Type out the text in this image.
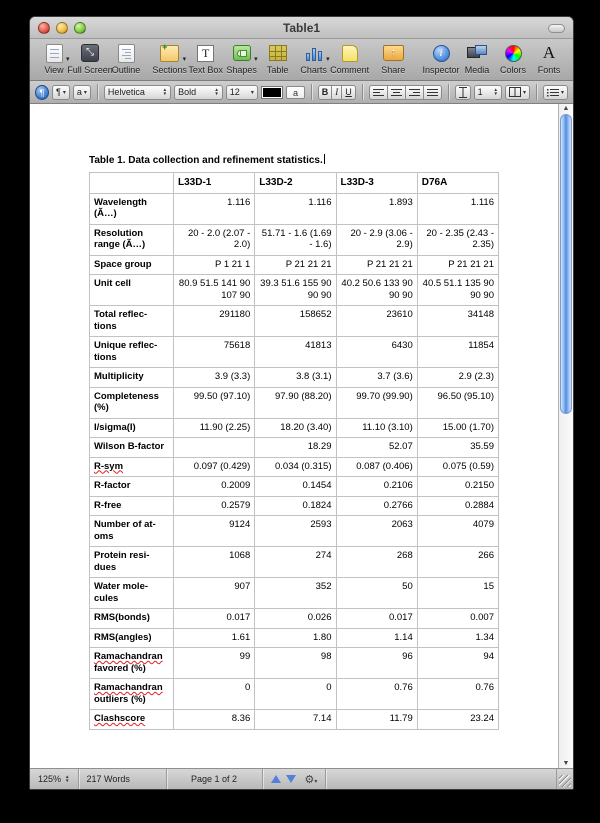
Table1
▾
View
⤡
Full Screen
Outline
+
▾
Sections
T
Text Box
▾
Shapes Table
▾
Charts Comment
↑ Share
i
Inspector Media Colors
A
Fonts
¶	¶ ▾ a ▾ Helvetica	▲
▼ Bold	▲
▼ 12 ▾	a	B I U	1 ▲
▼	▾	▾
Table 1. Data collection and refinement statistics.
	L33D-1	L33D-2	L33D-3	D76A
Wavelength (Ã…)	1.116	1.116	1.893	1.116
Resolution range (Ã…)	20 - 2.0 (2.07 - 2.0)	51.71 - 1.6 (1.69 - 1.6)	20 - 2.9 (3.06 - 2.9)	20 - 2.35 (2.43 - 2.35)
Space group	P 1 21 1	P 21 21 21	P 21 21 21	P 21 21 21
Unit cell	80.9 51.5 141 90 107 90	39.3 51.6 155 90 90 90	40.2 50.6 133 90 90 90	40.5 51.1 135 90 90 90
Total reflec-tions	291180	158652	23610	34148
Unique reflec-tions	75618	41813	6430	11854
Multiplicity	3.9 (3.3)	3.8 (3.1)	3.7 (3.6)	2.9 (2.3)
Completeness (%)	99.50 (97.10)	97.90 (88.20)	99.70 (99.90)	96.50 (95.10)
I/sigma(I)	11.90 (2.25)	18.20 (3.40)	11.10 (3.10)	15.00 (1.70)
Wilson B-factor		18.29	52.07	35.59
R-sym	0.097 (0.429)	0.034 (0.315)	0.087 (0.406)	0.075 (0.59)
R-factor	0.2009	0.1454	0.2106	0.2150
R-free	0.2579	0.1824	0.2766	0.2884
Number of at-oms	9124	2593	2063	4079
Protein resi-dues	1068	274	268	266
Water mole-cules	907	352	50	15
RMS(bonds)	0.017	0.026	0.017	0.007
RMS(angles)	1.61	1.80	1.14	1.34
Ramachandran favored (%)	99	98	96	94
Ramachandran outliers (%)	0	0	0.76	0.76
Clashscore	8.36	7.14	11.79	23.24
▲
▼
125% ▲
▼ 217 Words	Page 1 of 2	⚙▾
